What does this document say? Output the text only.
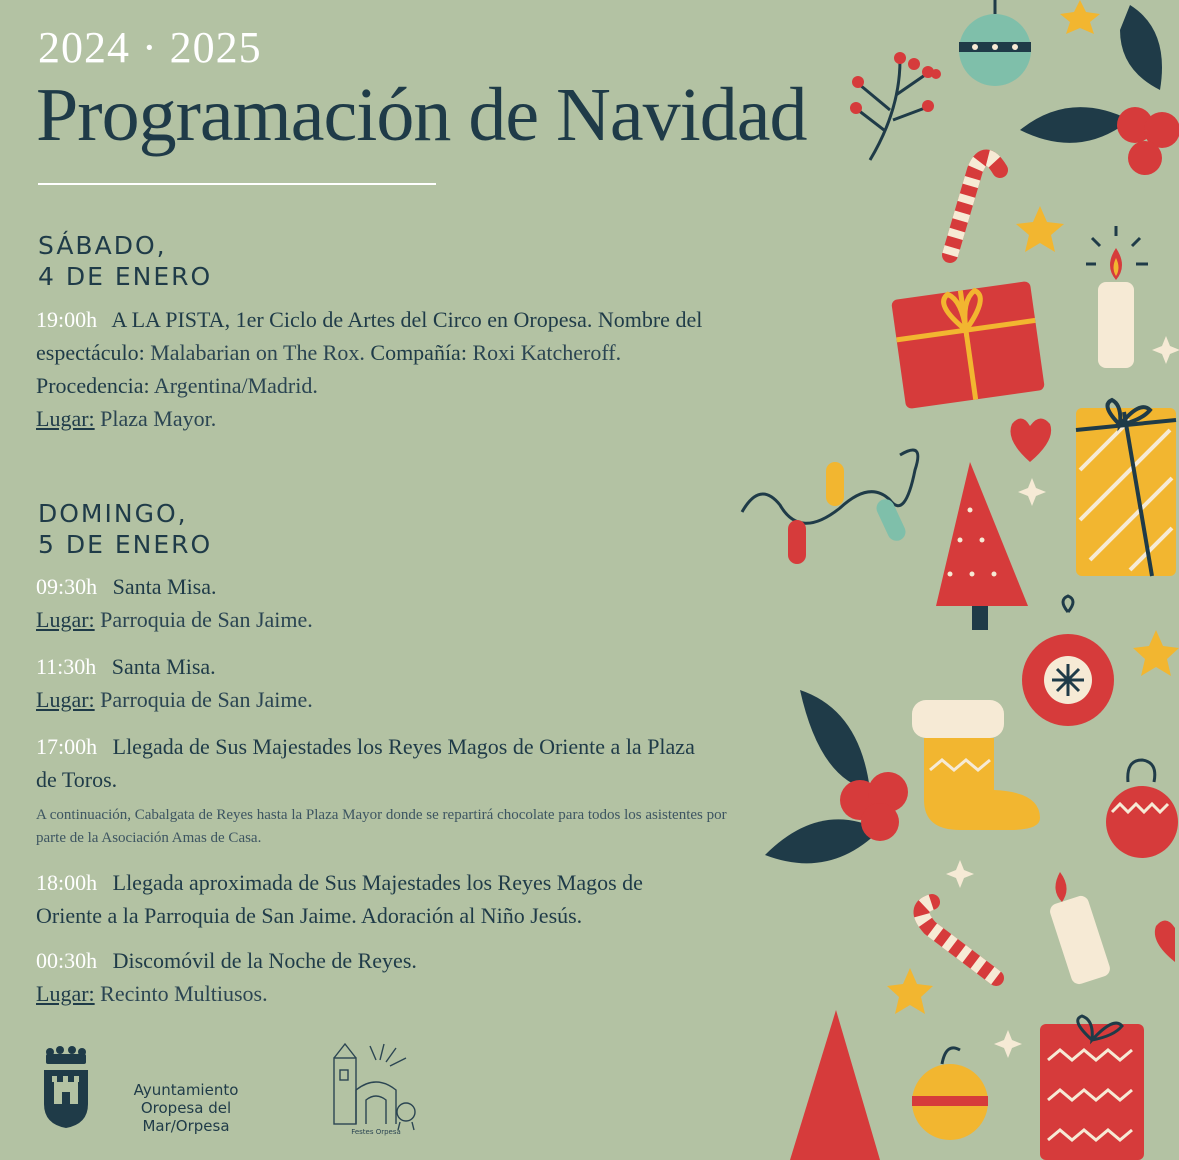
2024 · 2025
Programación de Navidad
SÁBADO,
4 DE ENERO
19:00h A LA PISTA, 1er Ciclo de Artes del Circo en Oropesa. Nombre del espectáculo: Malabarian on The Rox. Compañía: Roxi Katcheroff.
Procedencia: Argentina/Madrid.
Lugar: Plaza Mayor.
DOMINGO,
5 DE ENERO
09:30h Santa Misa.
Lugar: Parroquia de San Jaime.
11:30h Santa Misa.
Lugar: Parroquia de San Jaime.
17:00h Llegada de Sus Majestades los Reyes Magos de Oriente a la Plaza de Toros.
A continuación, Cabalgata de Reyes hasta la Plaza Mayor donde se repartirá chocolate para todos los asistentes por parte de la Asociación Amas de Casa.
18:00h Llegada aproximada de Sus Majestades los Reyes Magos de Oriente a la Parroquia de San Jaime. Adoración al Niño Jesús.
00:30h Discomóvil de la Noche de Reyes.
Lugar: Recinto Multiusos.
Ayuntamiento
Oropesa del Mar/Orpesa	Festes Orpesa
